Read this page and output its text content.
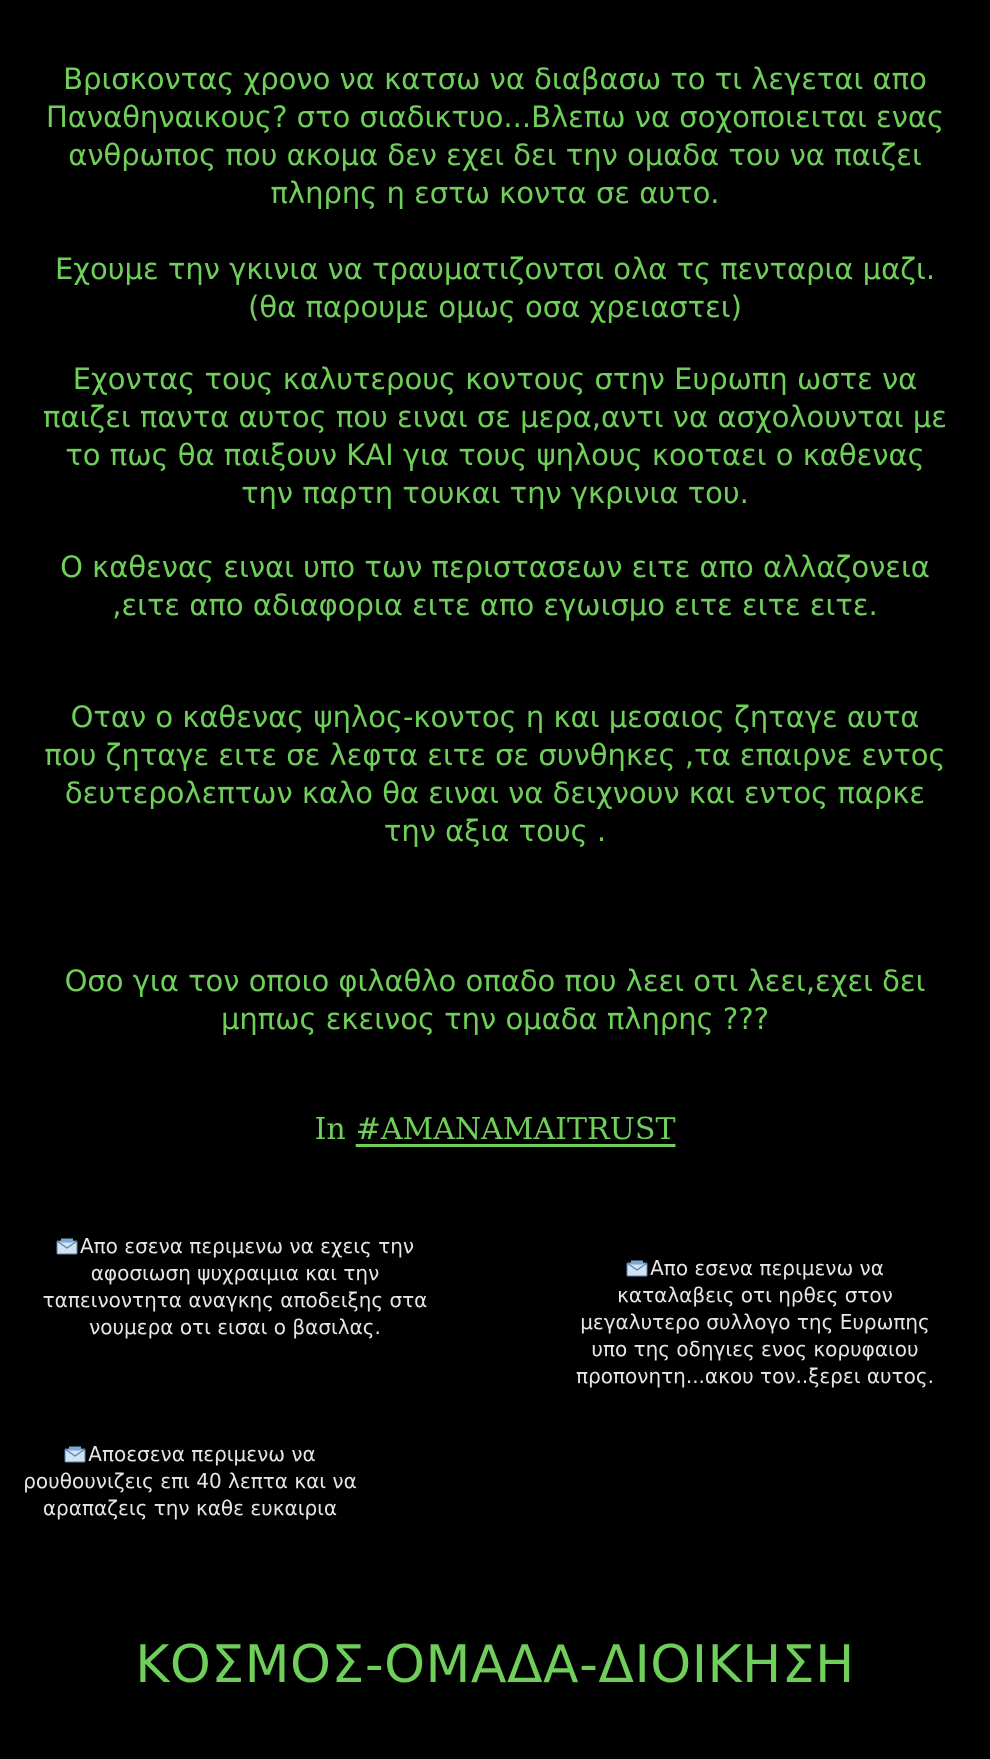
Βρισκοντας χρονο να κατσω να διαβασω το τι λεγεται απο Παναθηναικους? στο σιαδικτυο...Βλεπω να σοχοποιειται ενας ανθρωπος που ακομα δεν εχει δει την ομαδα του να παιζει πληρης η εστω κοντα σε αυτο.

Εχουμε την γκινια να τραυματιζοντσι ολα τς πενταρια μαζι.(θα παρουμε ομως οσα χρειαστει)

Εχοντας τους καλυτερους κοντους στην Ευρωπη ωστε να παιζει παντα αυτος που ειναι σε μερα,αντι να ασχολουνται με το πως θα παιξουν ΚΑΙ για τους ψηλους κοοταει ο καθενας την παρτη τουκαι την γκρινια του.

Ο καθενας ειναι υπο των περιστασεων ειτε απο αλλαζονεια ,ειτε απο αδιαφορια ειτε απο εγωισμο ειτε ειτε ειτε.

Οταν ο καθενας ψηλος-κοντος η και μεσαιος ζηταγε αυτα που ζηταγε ειτε σε λεφτα ειτε σε συνθηκες ,τα επαιρνε εντος δευτερολεπτων καλο θα ειναι να δειχνουν και εντος παρκε την αξια τους .

Οσο για τον οποιο φιλαθλο οπαδο που λεει οτι λεει,εχει δει μηπως εκεινος την ομαδα πληρης ???

In #AMANAMAITRUST
Απο εσενα περιμενω να εχεις την αφοσιωση ψυχραιμια και την ταπεινοντητα αναγκης αποδειξης στα νουμερα οτι εισαι ο βασιλας.
Απο εσενα περιμενω να καταλαβεις οτι ηρθες στον μεγαλυτερο συλλογο της Ευρωπης υπο της οδηγιες ενος κορυφαιου προπονητη...ακου τον..ξερει αυτος.
Αποεσενα περιμενω να ρουθουνιζεις επι 40 λεπτα και να αραπαζεις την καθε ευκαιρια
ΚΟΣΜΟΣ-ΟΜΑΔΑ-ΔΙΟΙΚΗΣΗ
